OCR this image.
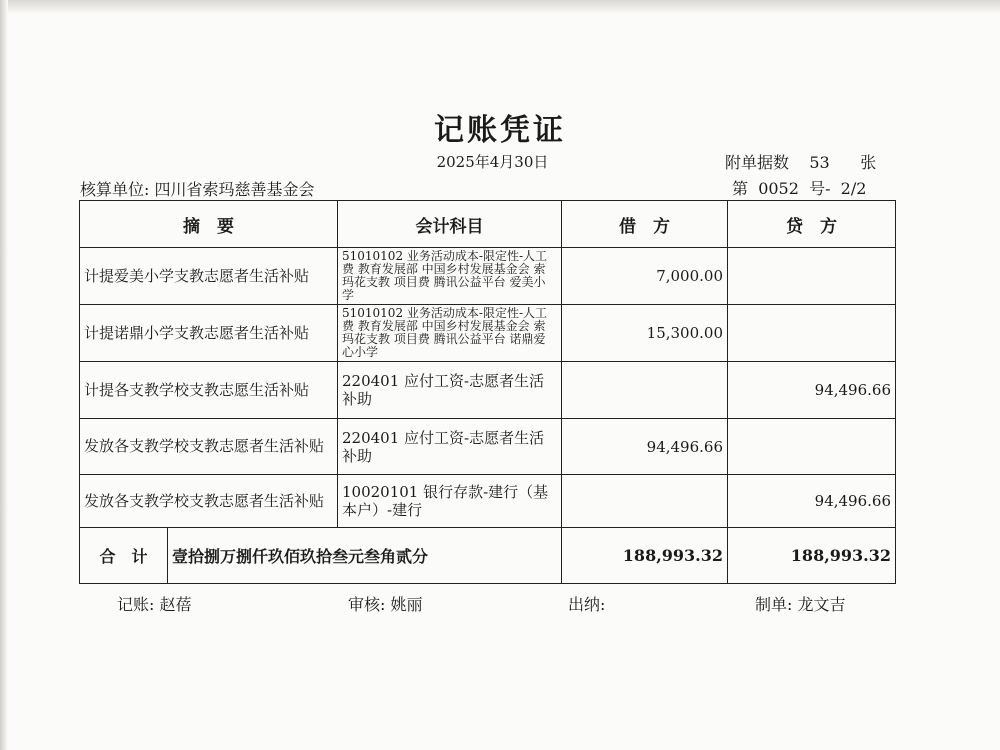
记账凭证
2025年4月30日	附单据数 53 张
核算单位: 四川省索玛慈善基金会	第 0052 号- 2/2
摘　要		会计科目	借　方	贷　方
计提爱美小学支教志愿者生活补贴		51010102 业务活动成本-限定性-人工费 教育发展部 中国乡村发展基金会 索玛花支教 项目费 腾讯公益平台 爱美小学	7,000.00	
计提诺鼎小学支教志愿者生活补贴		51010102 业务活动成本-限定性-人工费 教育发展部 中国乡村发展基金会 索玛花支教 项目费 腾讯公益平台 诺鼎爱心小学	15,300.00	
计提各支教学校支教志愿生活补贴		220401 应付工资-志愿者生活补助		94,496.66
发放各支教学校支教志愿者生活补贴		220401 应付工资-志愿者生活补助	94,496.66	
发放各支教学校支教志愿者生活补贴		10020101 银行存款-建行（基本户）-建行		94,496.66
合　计	壹拾捌万捌仟玖佰玖拾叁元叁角贰分		188,993.32	188,993.32
记账: 赵蓓	审核: 姚丽	出纳:	制单: 龙文吉
